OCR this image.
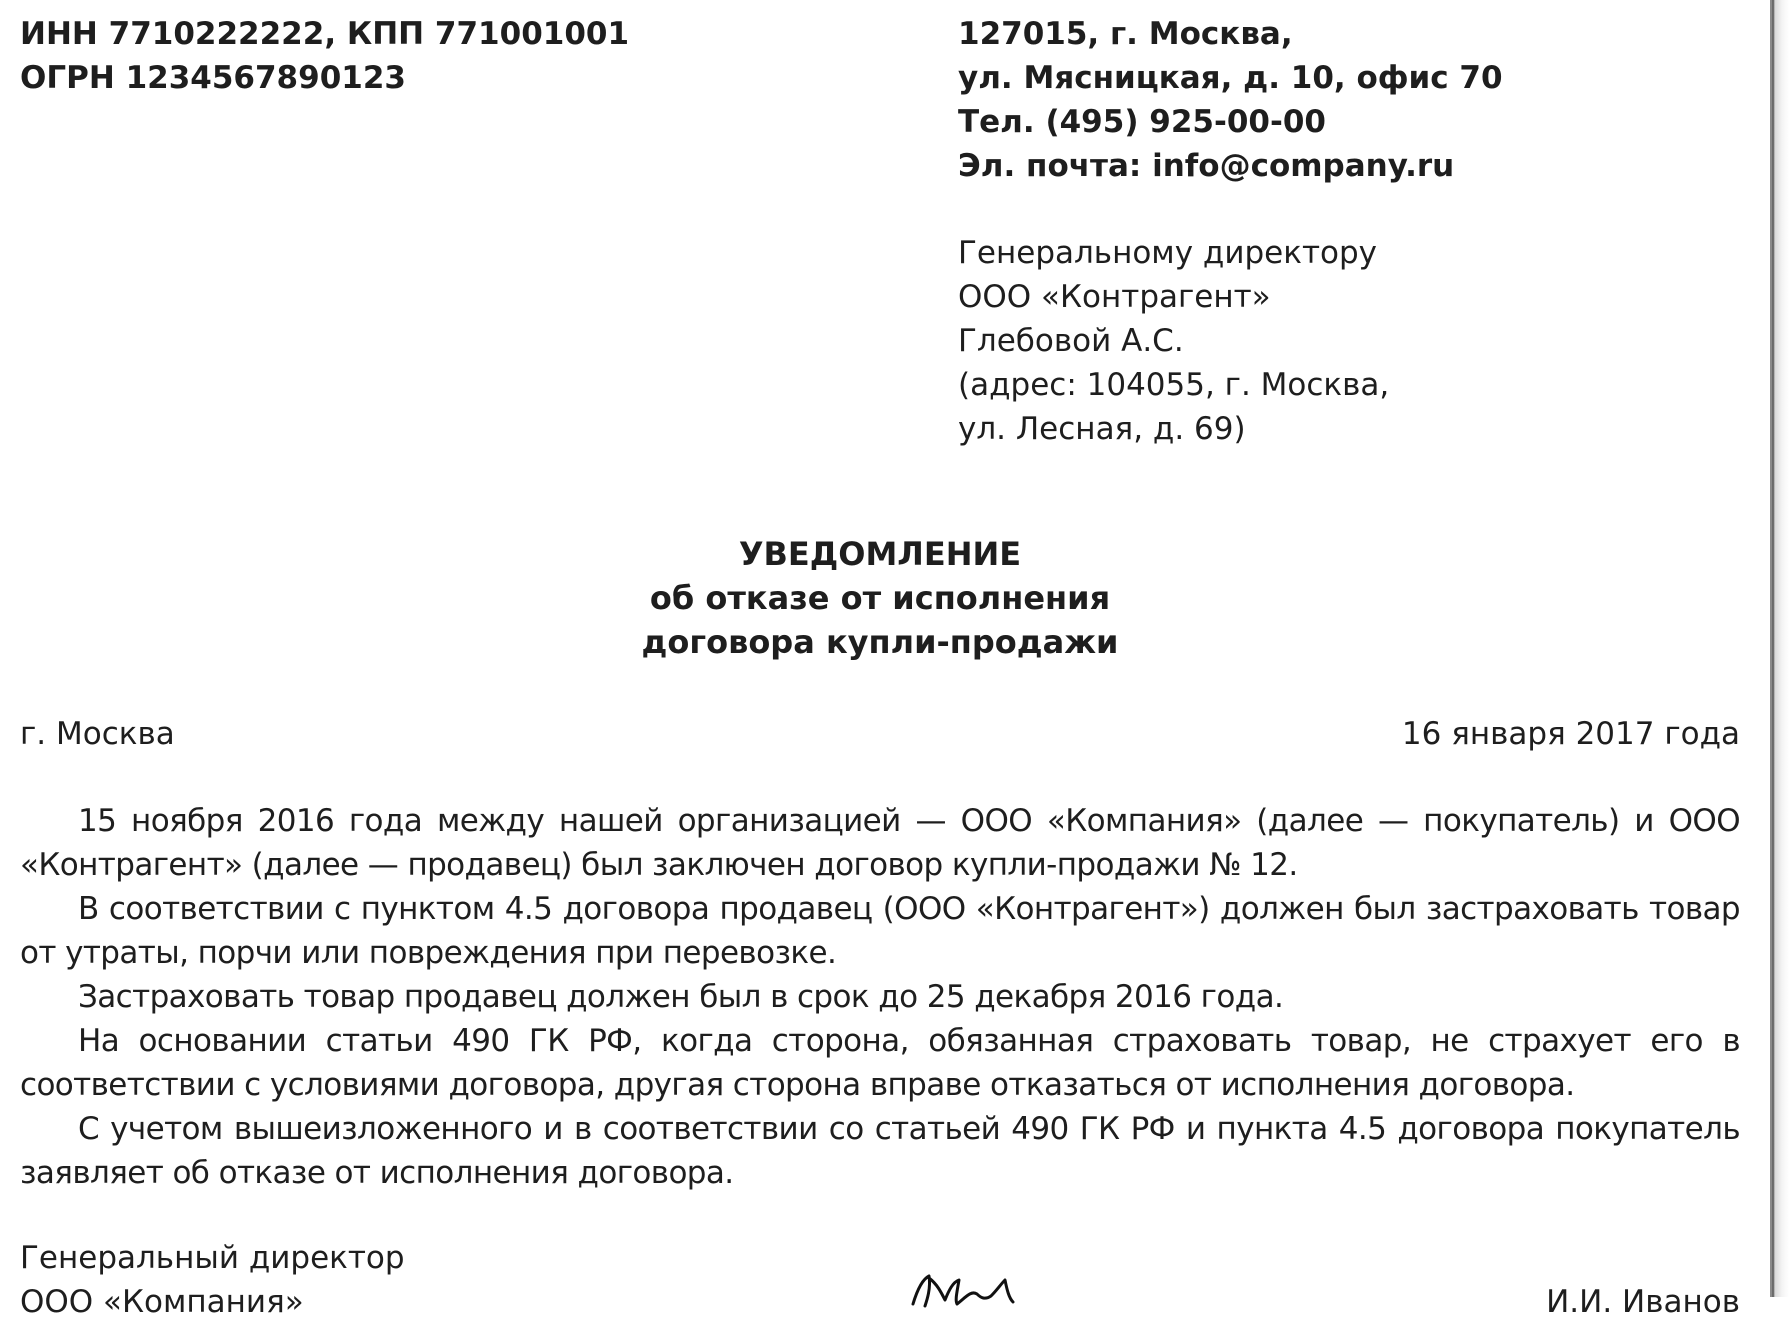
ИНН 7710222222, КПП 771001001
ОГРН 1234567890123
127015, г. Москва,
ул. Мясницкая, д. 10, офис 70
Тел. (495) 925-00-00
Эл. почта: info@company.ru
Генеральному директору
ООО «Контрагент»
Глебовой А.С.
(адрес: 104055, г. Москва,
ул. Лесная, д. 69)
УВЕДОМЛЕНИЕ
об отказе от исполнения
договора купли-продажи
г. Москва	16 января 2017 года

15 ноября 2016 года между нашей организацией — ООО «Компания» (далее — покупатель) и ООО «Контрагент» (далее — продавец) был заключен договор купли-продажи № 12.

В соответствии с пунктом 4.5 договора продавец (ООО «Контрагент») должен был застраховать товар от утраты, порчи или повреждения при перевозке.

Застраховать товар продавец должен был в срок до 25 декабря 2016 года.

На основании статьи 490 ГК РФ, когда сторона, обязанная страховать товар, не страхует его в соответствии с условиями договора, другая сторона вправе отказаться от исполнения договора.

С учетом вышеизложенного и в соответствии со статьей 490 ГК РФ и пункта 4.5 договора покупатель заявляет об отказе от исполнения договора.

Генеральный директор
ООО «Компания»	И.И. Иванов
